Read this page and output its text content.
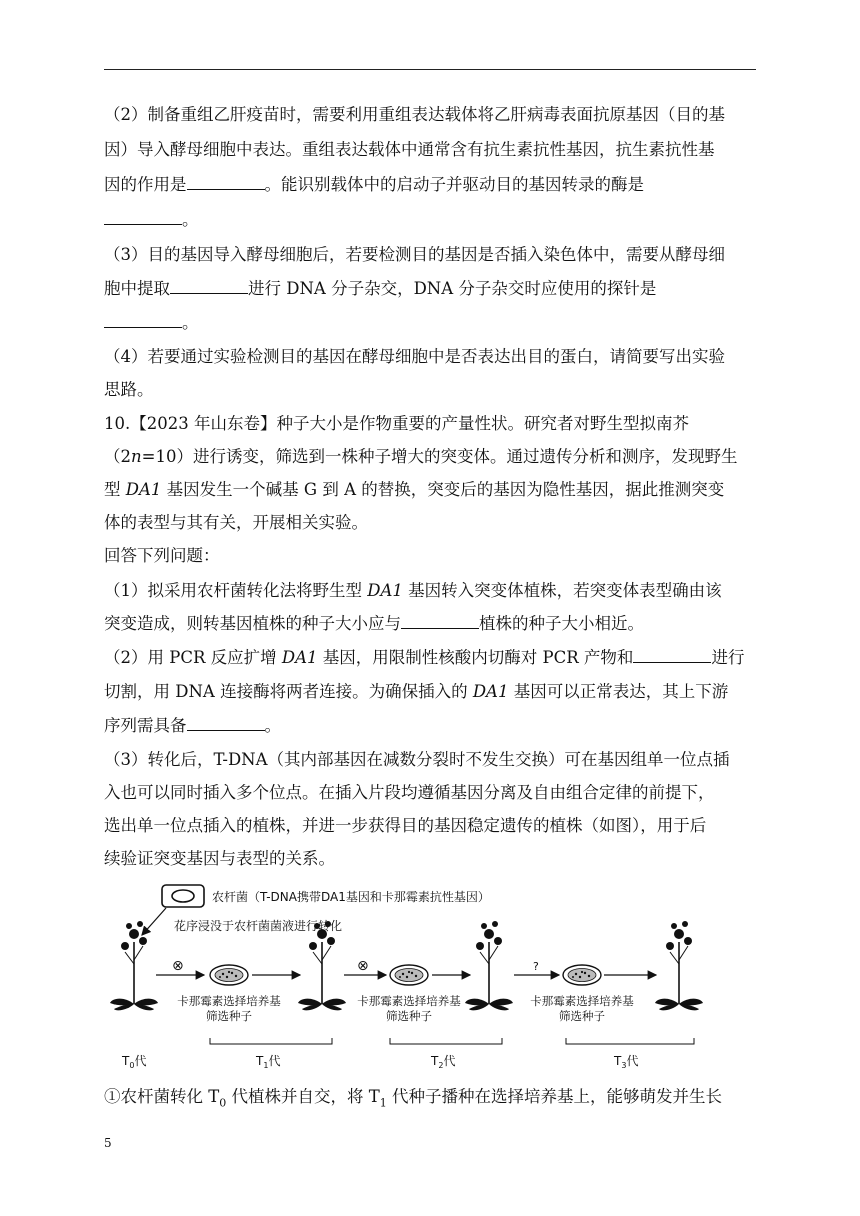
（2）制备重组乙肝疫苗时，需要利用重组表达载体将乙肝病毒表面抗原基因（目的基
因）导入酵母细胞中表达。重组表达载体中通常含有抗生素抗性基因，抗生素抗性基
因的作用是	。能识别载体中的启动子并驱动目的基因转录的酶是
。
（3）目的基因导入酵母细胞后，若要检测目的基因是否插入染色体中，需要从酵母细
胞中提取	进行 DNA 分子杂交，DNA 分子杂交时应使用的探针是
。
（4）若要通过实验检测目的基因在酵母细胞中是否表达出目的蛋白，请简要写出实验
思路。
10.【2023 年山东卷】种子大小是作物重要的产量性状。研究者对野生型拟南芥
（2n=10）进行诱变，筛选到一株种子增大的突变体。通过遗传分析和测序，发现野生
型 DA1 基因发生一个碱基 G 到 A 的替换，突变后的基因为隐性基因，据此推测突变
体的表型与其有关，开展相关实验。
回答下列问题：
（1）拟采用农杆菌转化法将野生型 DA1 基因转入突变体植株，若突变体表型确由该
突变造成，则转基因植株的种子大小应与	植株的种子大小相近。
（2）用 PCR 反应扩增 DA1 基因，用限制性核酸内切酶对 PCR 产物和	进行
切割，用 DNA 连接酶将两者连接。为确保插入的 DA1 基因可以正常表达，其上下游
序列需具备	。
（3）转化后，T-DNA（其内部基因在减数分裂时不发生交换）可在基因组单一位点插
入也可以同时插入多个位点。在插入片段均遵循基因分离及自由组合定律的前提下，
选出单一位点插入的植株，并进一步获得目的基因稳定遗传的植株（如图），用于后
续验证突变基因与表型的关系。
农杆菌（T-DNA携带DA1基因和卡那霉素抗性基因）
花序浸没于农杆菌菌液进行转化
⊗	⊗	?
卡那霉素选择培养基
筛选种子
卡那霉素选择培养基
筛选种子
卡那霉素选择培养基
筛选种子
$T_0$代	$T_1$代	$T_2$代	$T_3$代
①农杆菌转化 $T_0$ 代植株并自交，将 $T_1$ 代种子播种在选择培养基上，能够萌发并生长
5
